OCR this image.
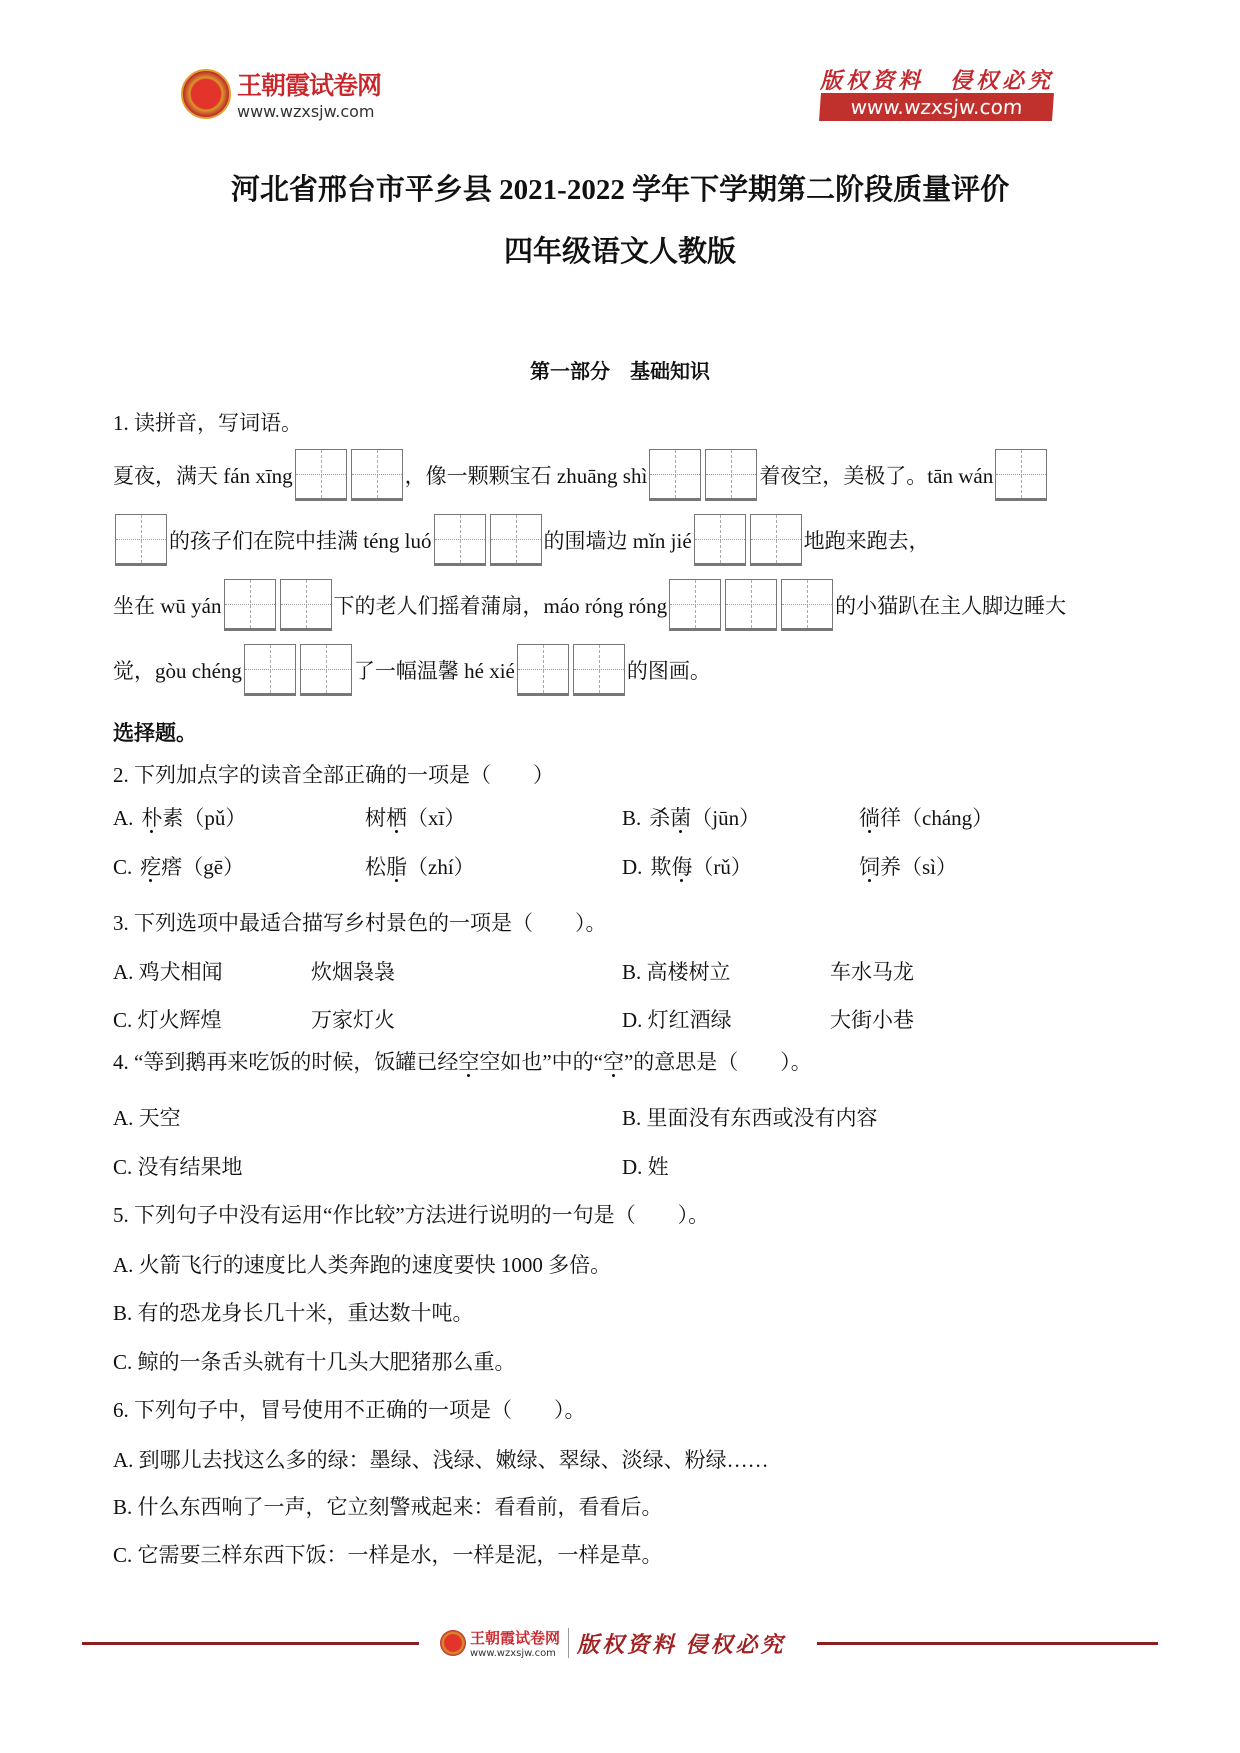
王朝霞试卷网
www.wzxsjw.com
版权资料　侵权必究
www.wzxsjw.com
河北省邢台市平乡县 2021-2022 学年下学期第二阶段质量评价
四年级语文人教版
第一部分　基础知识
1. 读拼音，写词语。
夏夜，满天 fán xīng	，像一颗颗宝石 zhuāng shì	着夜空，美极了。tān wán
的孩子们在院中挂满 téng luó	的围墙边 mǐn jié	地跑来跑去，
坐在 wū yán	下的老人们摇着蒲扇，máo róng róng	的小猫趴在主人脚边睡大
觉，gòu chéng	了一幅温馨 hé xié	的图画。
选择题。
2. 下列加点字的读音全部正确的一项是（　　）
A. 朴素（pǔ）	树栖（xī）	B. 杀菌（jūn）	徜徉（cháng）
C. 疙瘩（gē）	松脂（zhí）	D. 欺侮（rǔ）	饲养（sì）
3. 下列选项中最适合描写乡村景色的一项是（　　）。
A. 鸡犬相闻	炊烟袅袅	B. 高楼树立	车水马龙
C. 灯火辉煌	万家灯火	D. 灯红酒绿	大街小巷
4. “等到鹅再来吃饭的时候，饭罐已经空空如也”中的“空”的意思是（　　）。
A. 天空	B. 里面没有东西或没有内容
C. 没有结果地	D. 姓
5. 下列句子中没有运用“作比较”方法进行说明的一句是（　　）。
A. 火箭飞行的速度比人类奔跑的速度要快 1000 多倍。
B. 有的恐龙身长几十米，重达数十吨。
C. 鲸的一条舌头就有十几头大肥猪那么重。
6. 下列句子中，冒号使用不正确的一项是（　　）。
A. 到哪儿去找这么多的绿：墨绿、浅绿、嫩绿、翠绿、淡绿、粉绿……
B. 什么东西响了一声，它立刻警戒起来：看看前，看看后。
C. 它需要三样东西下饭：一样是水，一样是泥，一样是草。
王朝霞试卷网
www.wzxsjw.com 版权资料 侵权必究
